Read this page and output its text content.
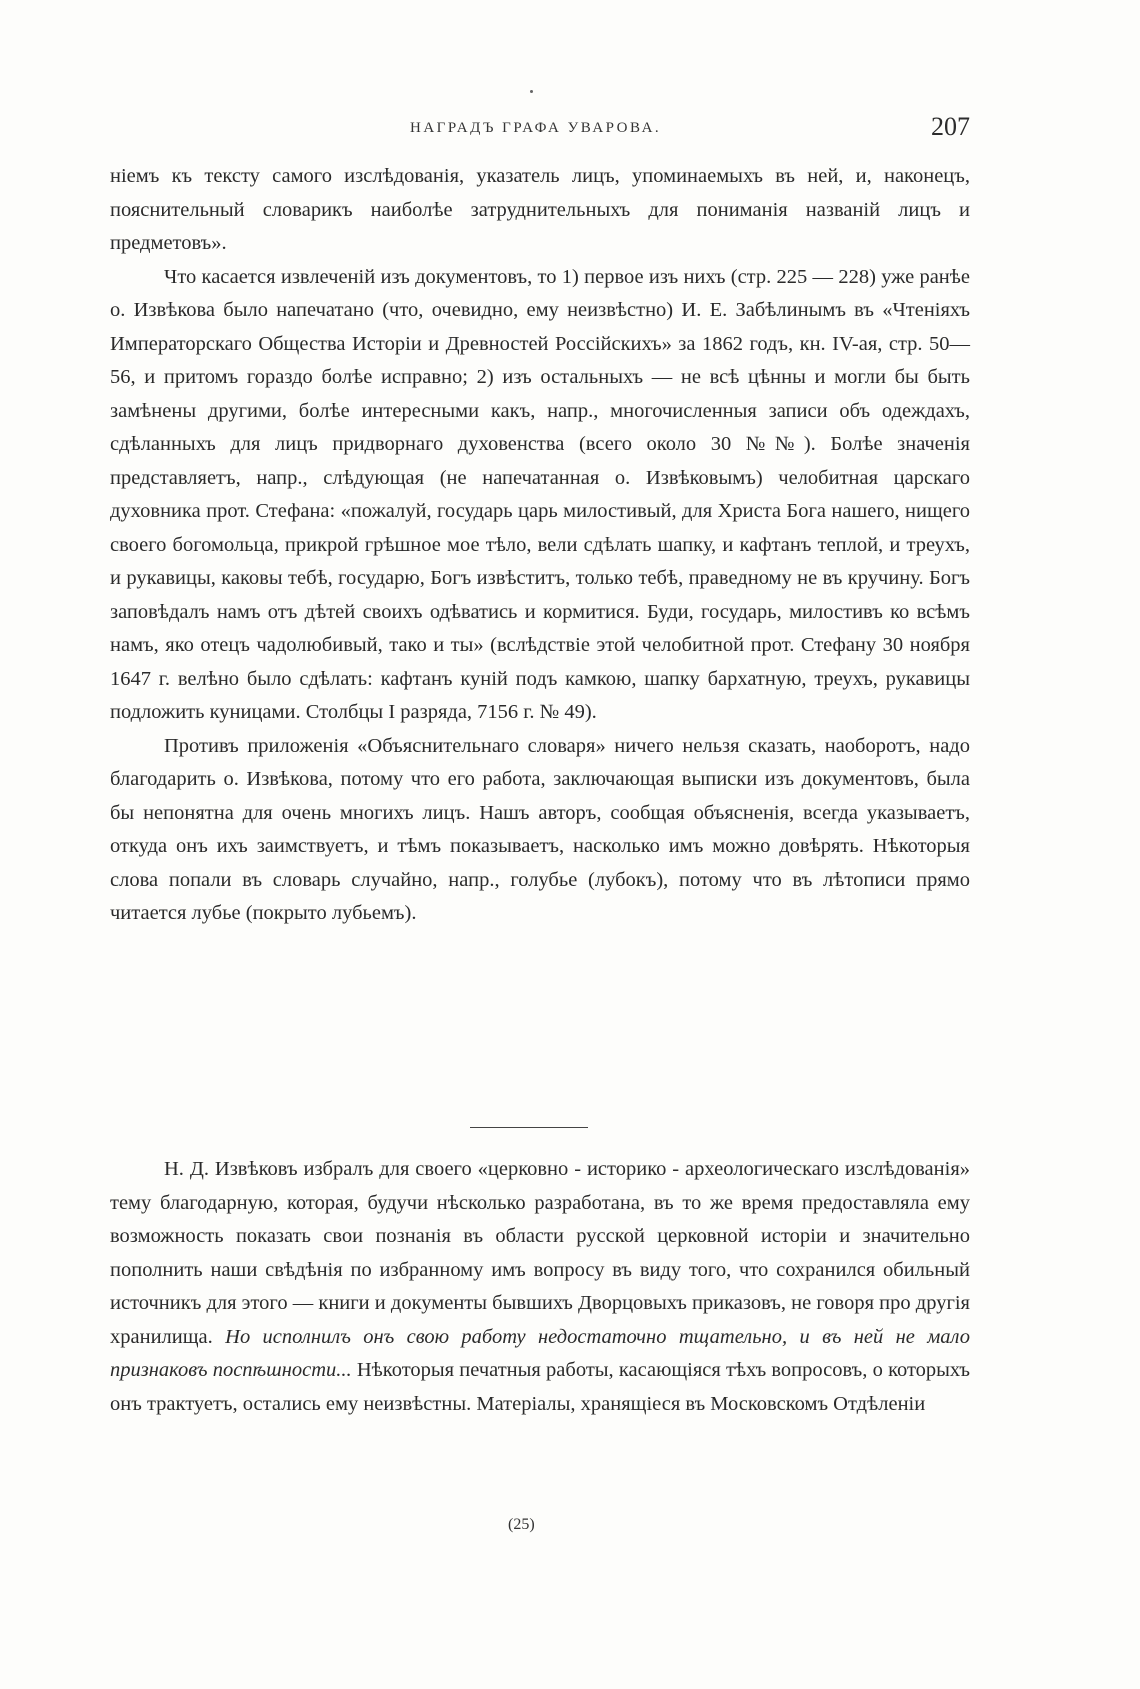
НАГРАДЪ ГРАФА УВАРОВА.	207

ніемъ къ тексту самого изслѣдованія, указатель лицъ, упоминаемыхъ въ ней, и, наконецъ, пояснительный словарикъ наиболѣе затруднительныхъ для пониманія названій лицъ и предметовъ».

Что касается извлеченій изъ документовъ, то 1) первое изъ нихъ (стр. 225 — 228) уже ранѣе о. Извѣкова было напечатано (что, очевидно, ему неизвѣстно) И. Е. Забѣлинымъ въ «Чтеніяхъ Императорскаго Общества Исторіи и Древностей Россійскихъ» за 1862 годъ, кн. IV-ая, стр. 50—56, и притомъ гораздо болѣе исправно; 2) изъ остальныхъ — не всѣ цѣнны и могли бы быть замѣнены другими, болѣе интересными какъ, напр., многочисленныя записи объ одеждахъ, сдѣланныхъ для лицъ придворнаго духовенства (всего около 30 №№). Болѣе значенія представляетъ, напр., слѣдующая (не напечатанная о. Извѣковымъ) челобитная царскаго духовника прот. Стефана: «пожалуй, государь царь милостивый, для Христа Бога нашего, нищего своего богомольца, прикрой грѣшное мое тѣло, вели сдѣлать шапку, и кафтанъ теплой, и треухъ, и рукавицы, каковы тебѣ, государю, Богъ извѣститъ, только тебѣ, праведному не въ кручину. Богъ заповѣдалъ намъ отъ дѣтей своихъ одѣватись и кормитися. Буди, государь, милостивъ ко всѣмъ намъ, яко отецъ чадолюбивый, тако и ты» (вслѣдствіе этой челобитной прот. Стефану 30 ноября 1647 г. велѣно было сдѣлать: кафтанъ куній подъ камкою, шапку бархатную, треухъ, рукавицы подложить куницами. Столбцы I разряда, 7156 г. № 49).

Противъ приложенія «Объяснительнаго словаря» ничего нельзя сказать, наоборотъ, надо благодарить о. Извѣкова, потому что его работа, заключающая выписки изъ документовъ, была бы непонятна для очень многихъ лицъ. Нашъ авторъ, сообщая объясненія, всегда указываетъ, откуда онъ ихъ заимствуетъ, и тѣмъ показываетъ, насколько имъ можно довѣрять. Нѣкоторыя слова попали въ словарь случайно, напр., голубье (лубокъ), потому что въ лѣтописи прямо читается лубье (покрыто лубьемъ).

Н. Д. Извѣковъ избралъ для своего «церковно - историко - археологическаго изслѣдованія» тему благодарную, которая, будучи нѣсколько разработана, въ то же время предоставляла ему возможность показать свои познанія въ области русской церковной исторіи и значительно пополнить наши свѣдѣнія по избранному имъ вопросу въ виду того, что сохранился обильный источникъ для этого — книги и документы бывшихъ Дворцовыхъ приказовъ, не говоря про другія хранилища. Но исполнилъ онъ свою работу недостаточно тщательно, и въ ней не мало признаковъ поспѣшности... Нѣкоторыя печатныя работы, касающіяся тѣхъ вопросовъ, о которыхъ онъ трактуетъ, остались ему неизвѣстны. Матеріалы, хранящіеся въ Московскомъ Отдѣленіи

(25)
